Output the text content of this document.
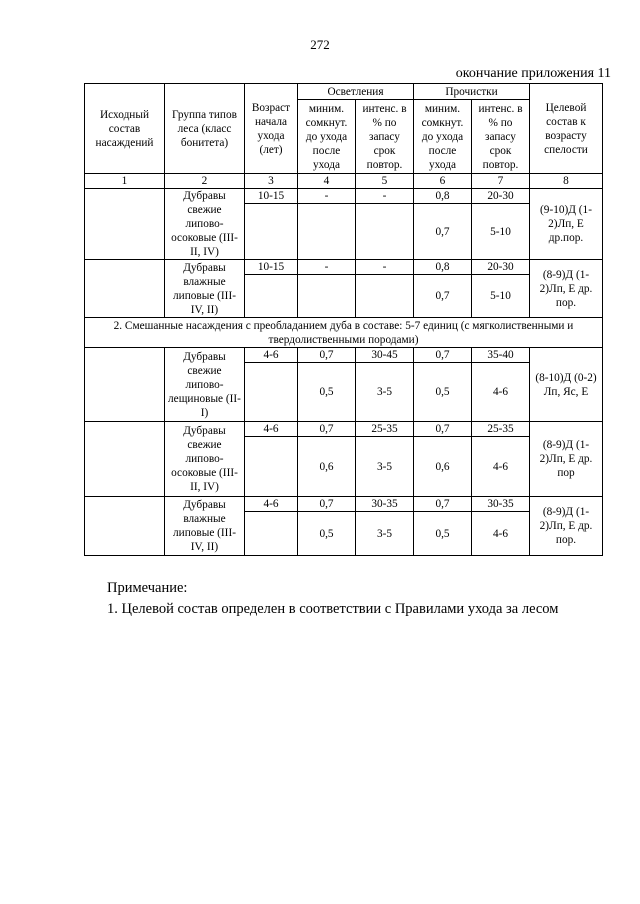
272
окончание приложения 11
Исходный состав насаждений	Группа типов леса (класс бонитета)	Возраст начала ухода (лет)	Осветления		Прочистки		Целевой состав к возрасту спелости
			миним. сомкнут. до ухода после ухода	интенс. в % по запасу срок повтор.	миним. сомкнут. до ухода после ухода	интенс. в % по запасу срок повтор.	
1	2	3	4	5	6	7	8
	Дубравы свежие липово-осоковые (III-II, IV)	10-15	-	-	0,8	20-30	(9-10)Д (1-2)Лп, Е др.пор.
					0,7	5-10	
	Дубравы влажные липовые (III-IV, II)	10-15	-	-	0,8	20-30	(8-9)Д (1-2)Лп, Е др. пор.
					0,7	5-10	
2. Смешанные насаждения с преобладанием дуба в составе: 5-7 единиц (с мягколиственными и твердолиственными породами)							
	Дубравы свежие липово-лещиновые (II-I)	4-6	0,7	30-45	0,7	35-40	(8-10)Д (0-2) Лп, Яс, Е
			0,5	3-5	0,5	4-6	
	Дубравы свежие липово-осоковые (III-II, IV)	4-6	0,7	25-35	0,7	25-35	(8-9)Д (1-2)Лп, Е др. пор
			0,6	3-5	0,6	4-6	
	Дубравы влажные липовые (III-IV, II)	4-6	0,7	30-35	0,7	30-35	(8-9)Д (1-2)Лп, Е др. пор.
			0,5	3-5	0,5	4-6	
Примечание:
1. Целевой состав определен в соответствии с Правилами ухода за лесом
